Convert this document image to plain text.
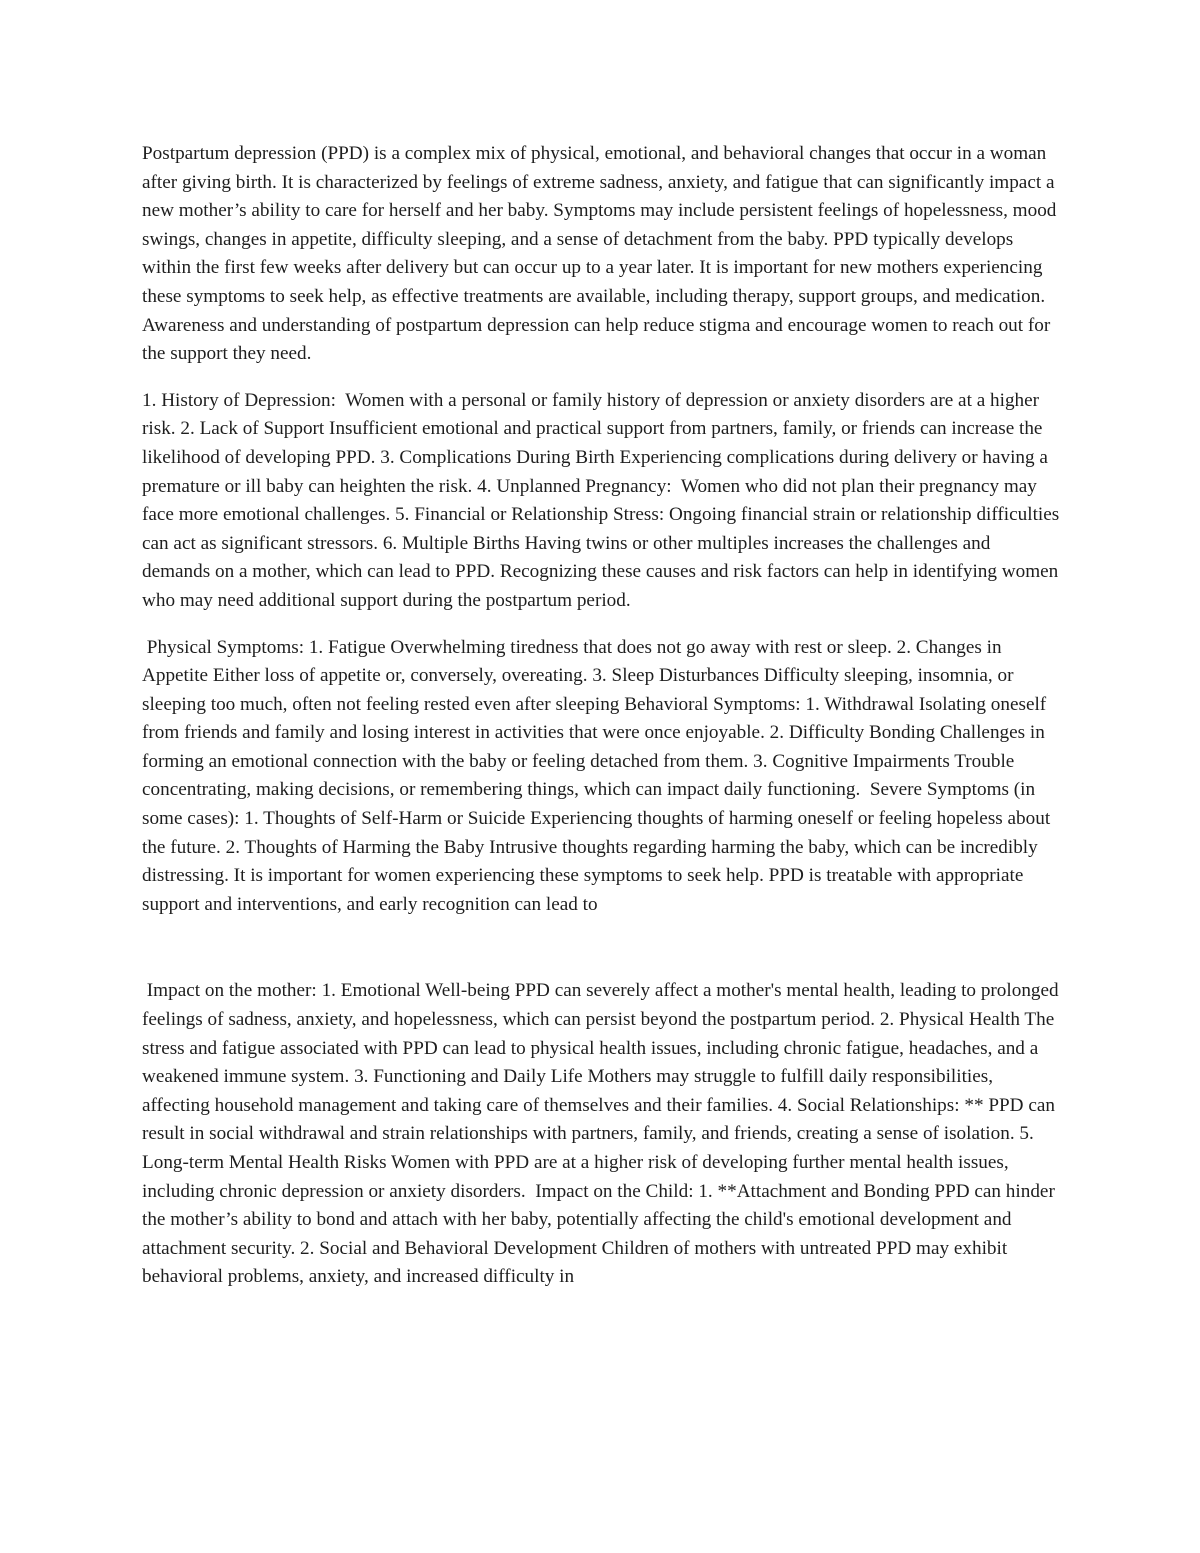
Postpartum depression (PPD) is a complex mix of physical, emotional, and behavioral changes that occur in a woman after giving birth. It is characterized by feelings of extreme sadness, anxiety, and fatigue that can significantly impact a new mother’s ability to care for herself and her baby. Symptoms may include persistent feelings of hopelessness, mood swings, changes in appetite, difficulty sleeping, and a sense of detachment from the baby. PPD typically develops within the first few weeks after delivery but can occur up to a year later. It is important for new mothers experiencing these symptoms to seek help, as effective treatments are available, including therapy, support groups, and medication. Awareness and understanding of postpartum depression can help reduce stigma and encourage women to reach out for the support they need.

1. History of Depression:  Women with a personal or family history of depression or anxiety disorders are at a higher risk. 2. Lack of Support Insufficient emotional and practical support from partners, family, or friends can increase the likelihood of developing PPD. 3. Complications During Birth Experiencing complications during delivery or having a premature or ill baby can heighten the risk. 4. Unplanned Pregnancy:  Women who did not plan their pregnancy may face more emotional challenges. 5. Financial or Relationship Stress: Ongoing financial strain or relationship difficulties can act as significant stressors. 6. Multiple Births Having twins or other multiples increases the challenges and demands on a mother, which can lead to PPD. Recognizing these causes and risk factors can help in identifying women who may need additional support during the postpartum period.

Physical Symptoms: 1. Fatigue Overwhelming tiredness that does not go away with rest or sleep. 2. Changes in Appetite Either loss of appetite or, conversely, overeating. 3. Sleep Disturbances Difficulty sleeping, insomnia, or sleeping too much, often not feeling rested even after sleeping Behavioral Symptoms: 1. Withdrawal Isolating oneself from friends and family and losing interest in activities that were once enjoyable. 2. Difficulty Bonding Challenges in forming an emotional connection with the baby or feeling detached from them. 3. Cognitive Impairments Trouble concentrating, making decisions, or remembering things, which can impact daily functioning.  Severe Symptoms (in some cases): 1. Thoughts of Self-Harm or Suicide Experiencing thoughts of harming oneself or feeling hopeless about the future. 2. Thoughts of Harming the Baby Intrusive thoughts regarding harming the baby, which can be incredibly distressing. It is important for women experiencing these symptoms to seek help. PPD is treatable with appropriate support and interventions, and early recognition can lead to

Impact on the mother: 1. Emotional Well-being PPD can severely affect a mother's mental health, leading to prolonged feelings of sadness, anxiety, and hopelessness, which can persist beyond the postpartum period. 2. Physical Health The stress and fatigue associated with PPD can lead to physical health issues, including chronic fatigue, headaches, and a weakened immune system. 3. Functioning and Daily Life Mothers may struggle to fulfill daily responsibilities, affecting household management and taking care of themselves and their families. 4. Social Relationships: ** PPD can result in social withdrawal and strain relationships with partners, family, and friends, creating a sense of isolation. 5. Long-term Mental Health Risks Women with PPD are at a higher risk of developing further mental health issues, including chronic depression or anxiety disorders.  Impact on the Child: 1. **Attachment and Bonding PPD can hinder the mother’s ability to bond and attach with her baby, potentially affecting the child's emotional development and attachment security. 2. Social and Behavioral Development Children of mothers with untreated PPD may exhibit behavioral problems, anxiety, and increased difficulty in
